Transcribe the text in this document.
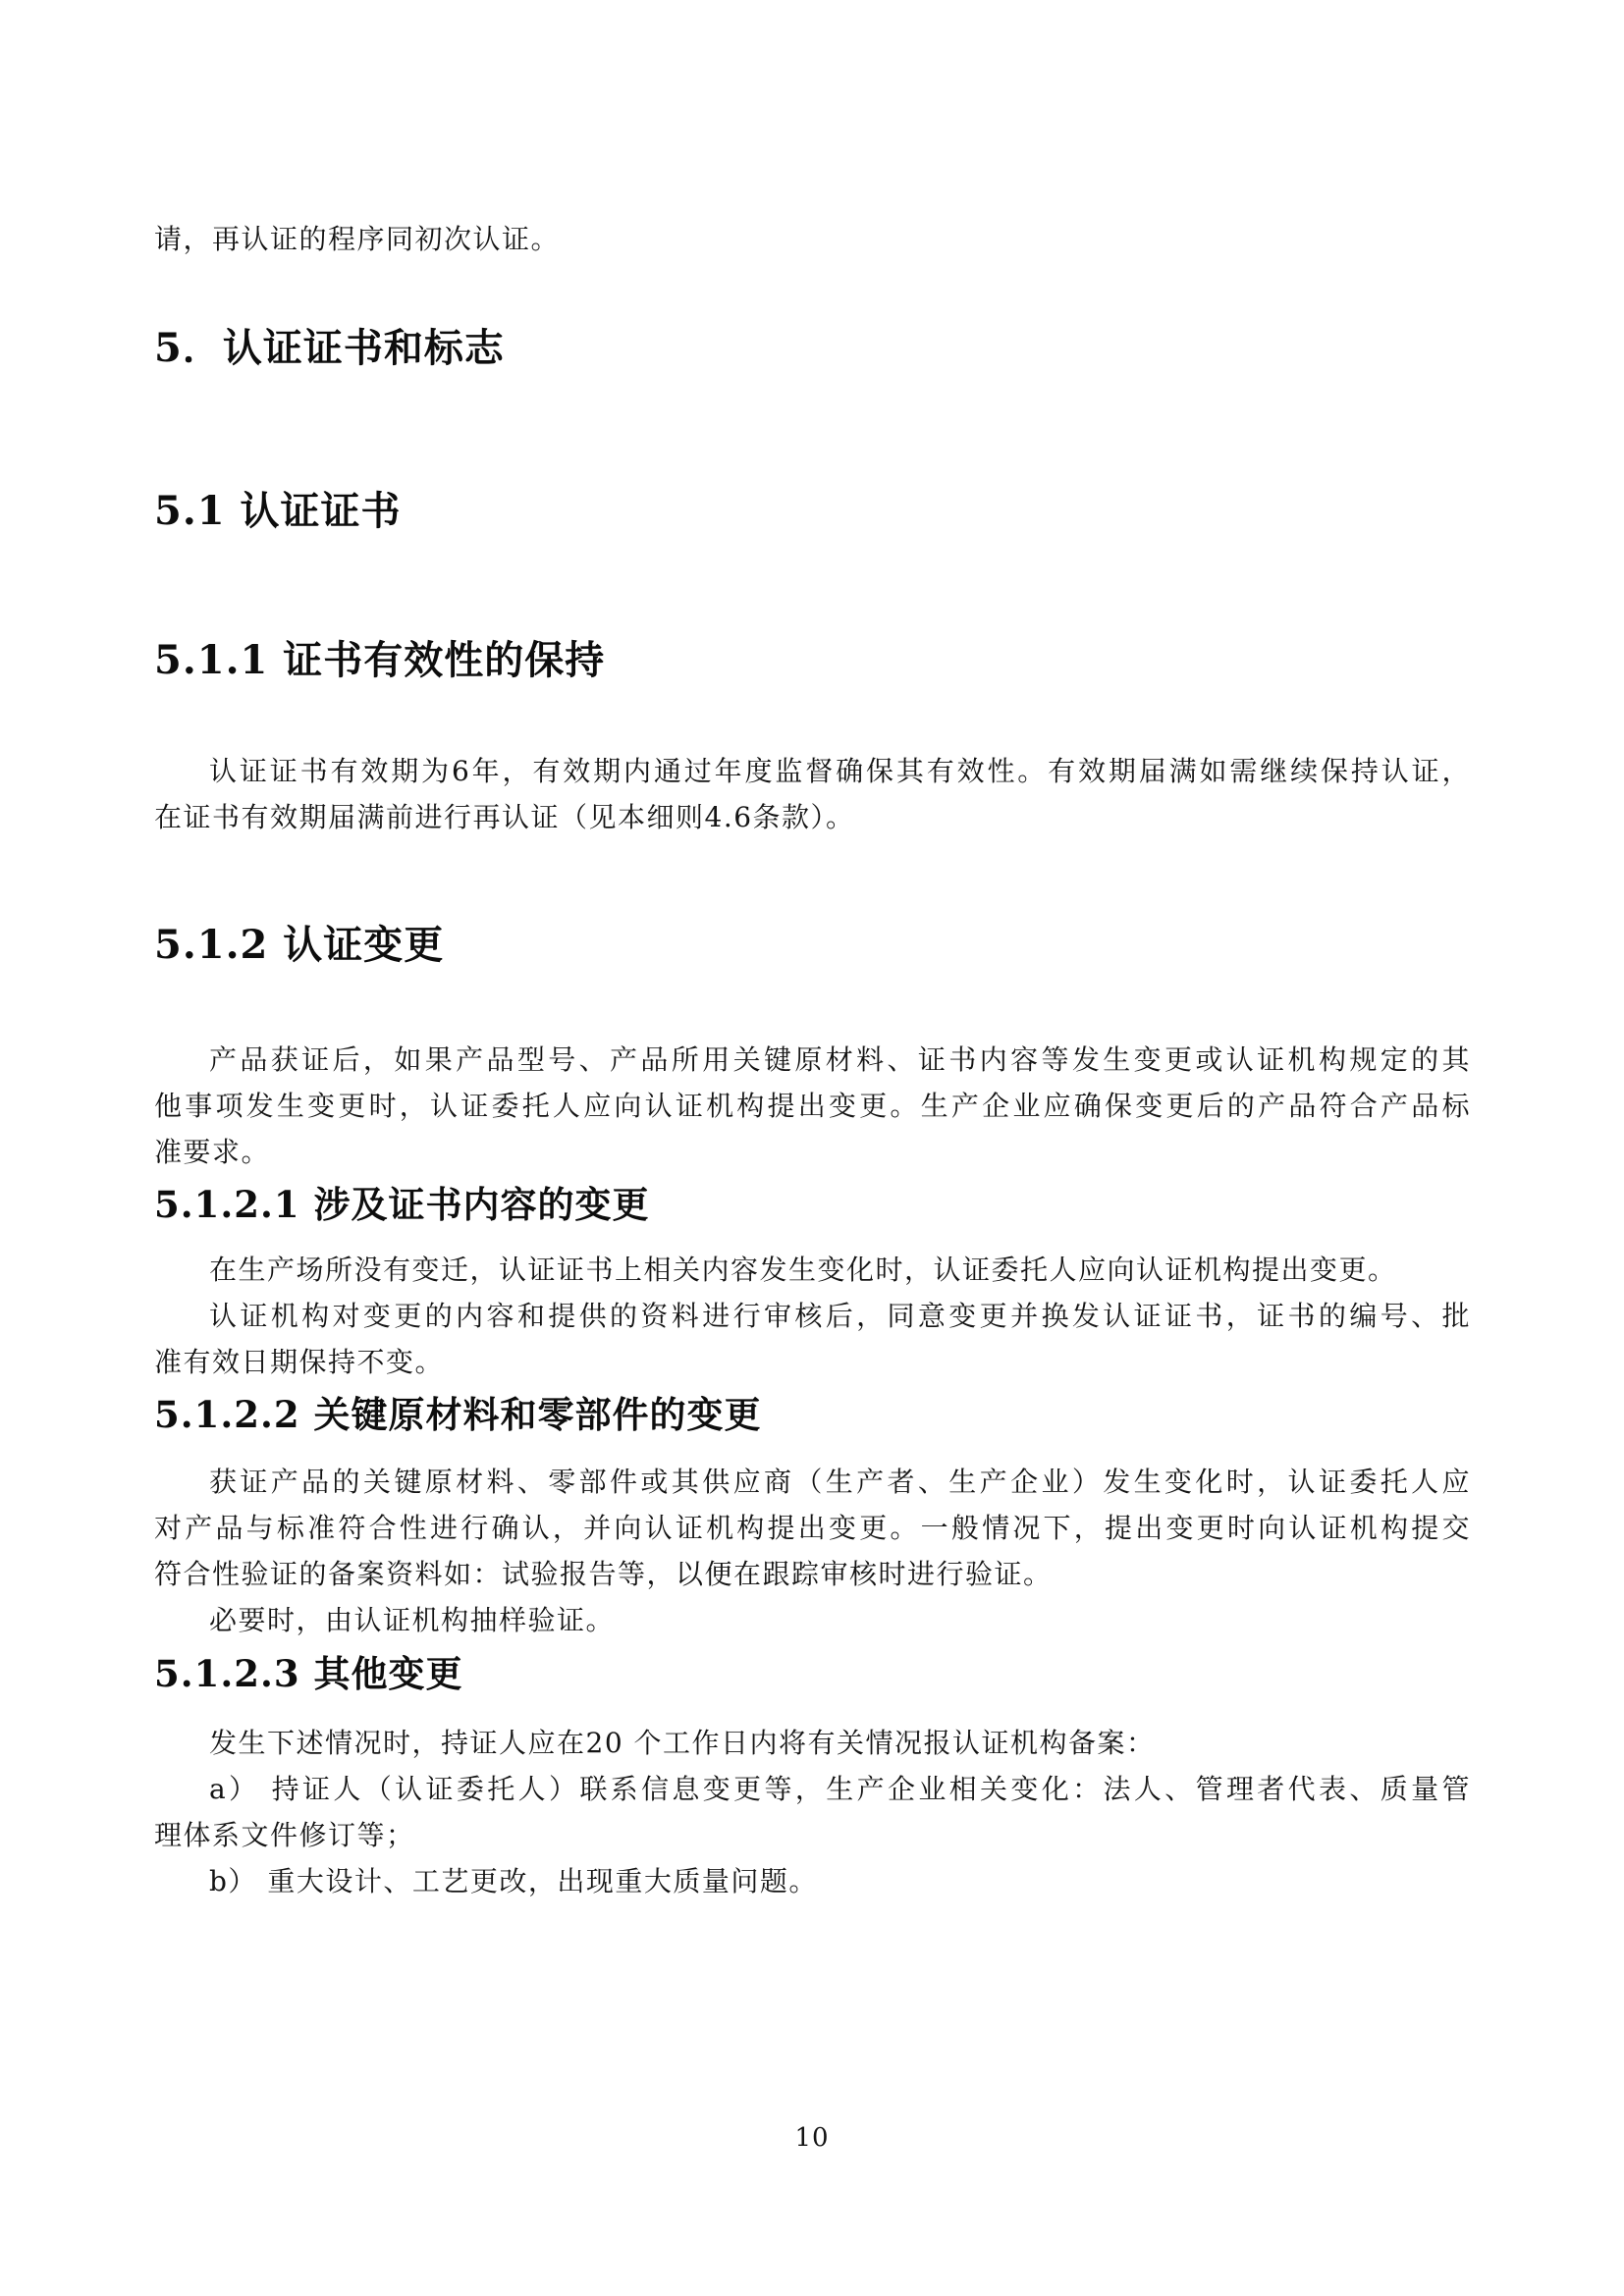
请，再认证的程序同初次认证。
5．认证证书和标志
5.1 认证证书
5.1.1 证书有效性的保持
认证证书有效期为6年，有效期内通过年度监督确保其有效性。有效期届满如需继续保持认证，
在证书有效期届满前进行再认证（见本细则4.6条款）。
5.1.2 认证变更
产品获证后，如果产品型号、产品所用关键原材料、证书内容等发生变更或认证机构规定的其
他事项发生变更时，认证委托人应向认证机构提出变更。生产企业应确保变更后的产品符合产品标
准要求。
5.1.2.1 涉及证书内容的变更
在生产场所没有变迁，认证证书上相关内容发生变化时，认证委托人应向认证机构提出变更。
认证机构对变更的内容和提供的资料进行审核后，同意变更并换发认证证书，证书的编号、批
准有效日期保持不变。
5.1.2.2 关键原材料和零部件的变更
获证产品的关键原材料、零部件或其供应商（生产者、生产企业）发生变化时，认证委托人应
对产品与标准符合性进行确认，并向认证机构提出变更。一般情况下，提出变更时向认证机构提交
符合性验证的备案资料如：试验报告等，以便在跟踪审核时进行验证。
必要时，由认证机构抽样验证。
5.1.2.3 其他变更
发生下述情况时，持证人应在20 个工作日内将有关情况报认证机构备案：
a） 持证人（认证委托人）联系信息变更等，生产企业相关变化：法人、管理者代表、质量管
理体系文件修订等；
b） 重大设计、工艺更改，出现重大质量问题。
10
